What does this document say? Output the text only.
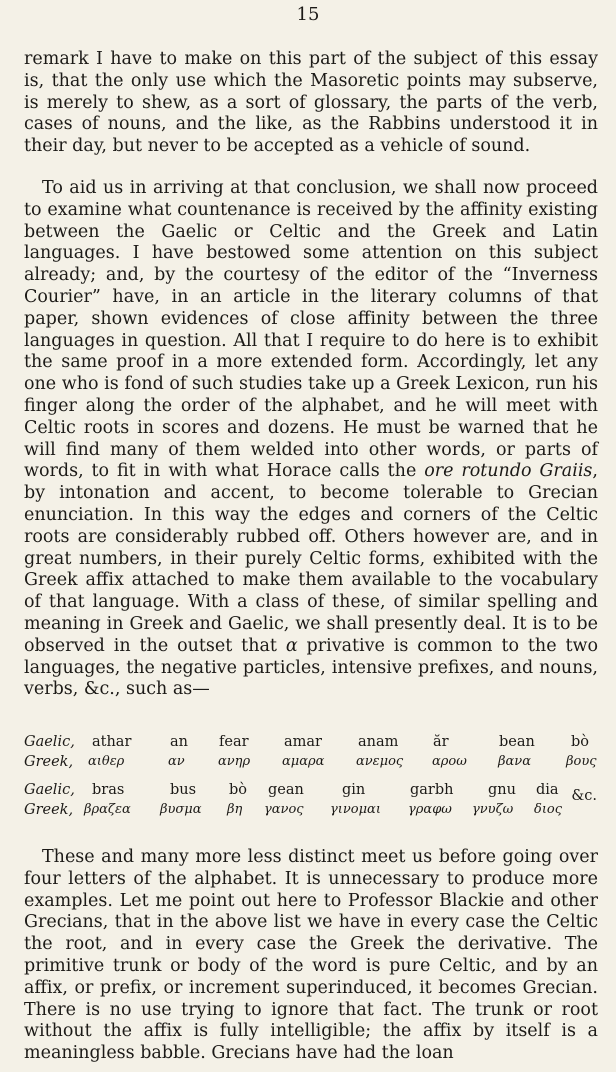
15

remark I have to make on this part of the subject of this essay is, that the only use which the Masoretic points may subserve, is merely to shew, as a sort of glossary, the parts of the verb, cases of nouns, and the like, as the Rabbins understood it in their day, but never to be accepted as a vehicle of sound.

To aid us in arriving at that conclusion, we shall now proceed to examine what countenance is received by the affinity existing between the Gaelic or Celtic and the Greek and Latin languages. I have bestowed some attention on this subject already; and, by the courtesy of the editor of the “Inverness Courier” have, in an article in the literary columns of that paper, shown evidences of close affinity between the three languages in question. All that I require to do here is to exhibit the same proof in a more extended form. Accordingly, let any one who is fond of such studies take up a Greek Lexicon, run his finger along the order of the alphabet, and he will meet with Celtic roots in scores and dozens. He must be warned that he will find many of them welded into other words, or parts of words, to fit in with what Horace calls the ore rotundo Graiis, by intonation and accent, to become tolerable to Grecian enunciation. In this way the edges and corners of the Celtic roots are considerably rubbed off. Others however are, and in great numbers, in their purely Celtic forms, exhibited with the Greek affix attached to make them available to the vocabulary of that language. With a class of these, of similar spelling and meaning in Greek and Gaelic, we shall presently deal. It is to be observed in the outset that α privative is common to the two languages, the negative particles, intensive prefixes, and nouns, verbs, &c., such as—

Gaelic, athar	an fear amar anam ăr	bean bò
Greek, αιθερ	αν	ανηρ αμαρα ανεμος αροω βανα	βους
Gaelic, bras	bus bò gean	gin	garbh gnu dia
Greek, βραζεα βυσμα βη γανος γινομαι γραφω γνυζω διος
&c.

These and many more less distinct meet us before going over four letters of the alphabet. It is unnecessary to produce more examples. Let me point out here to Professor Blackie and other Grecians, that in the above list we have in every case the Celtic the root, and in every case the Greek the derivative. The primitive trunk or body of the word is pure Celtic, and by an affix, or prefix, or increment superinduced, it becomes Grecian. There is no use trying to ignore that fact. The trunk or root without the affix is fully intelligible; the affix by itself is a meaningless babble. Grecians have had the loan
